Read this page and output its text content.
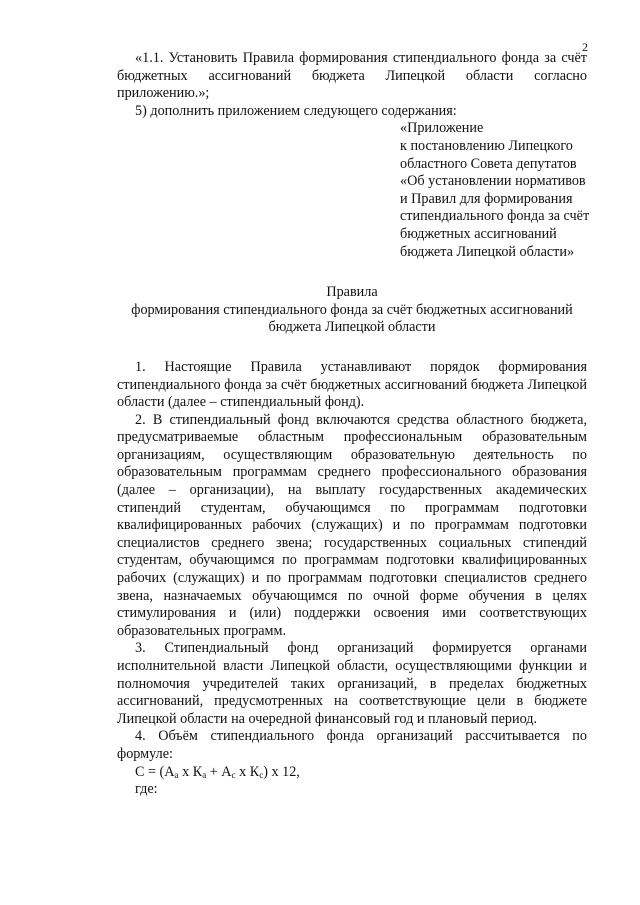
2

«1.1. Установить Правила формирования стипендиального фонда за счёт бюджетных ассигнований бюджета Липецкой области согласно приложению.»;

5) дополнить приложением следующего содержания:

«Приложение
к постановлению Липецкого областного Совета депутатов «Об установлении нормативов и Правил для формирования стипендиального фонда за счёт бюджетных ассигнований бюджета Липецкой области»

Правила

формирования стипендиального фонда за счёт бюджетных ассигнований бюджета Липецкой области

1. Настоящие Правила устанавливают порядок формирования стипендиального фонда за счёт бюджетных ассигнований бюджета Липецкой области (далее – стипендиальный фонд).

2. В стипендиальный фонд включаются средства областного бюджета, предусматриваемые областным профессиональным образовательным организациям, осуществляющим образовательную деятельность по образовательным программам среднего профессионального образования (далее – организации), на выплату государственных академических стипендий студентам, обучающимся по программам подготовки квалифицированных рабочих (служащих) и по программам подготовки специалистов среднего звена; государственных социальных стипендий студентам, обучающимся по программам подготовки квалифицированных рабочих (служащих) и по программам подготовки специалистов среднего звена, назначаемых обучающимся по очной форме обучения в целях стимулирования и (или) поддержки освоения ими соответствующих образовательных программ.

3. Стипендиальный фонд организаций формируется органами исполнительной власти Липецкой области, осуществляющими функции и полномочия учредителей таких организаций, в пределах бюджетных ассигнований, предусмотренных на соответствующие цели в бюджете Липецкой области на очередной финансовый год и плановый период.

4. Объём стипендиального фонда организаций рассчитывается по формуле:

$С = (А_а$ х $К_а + А_с$ х $К_с$) х 12,

где:
